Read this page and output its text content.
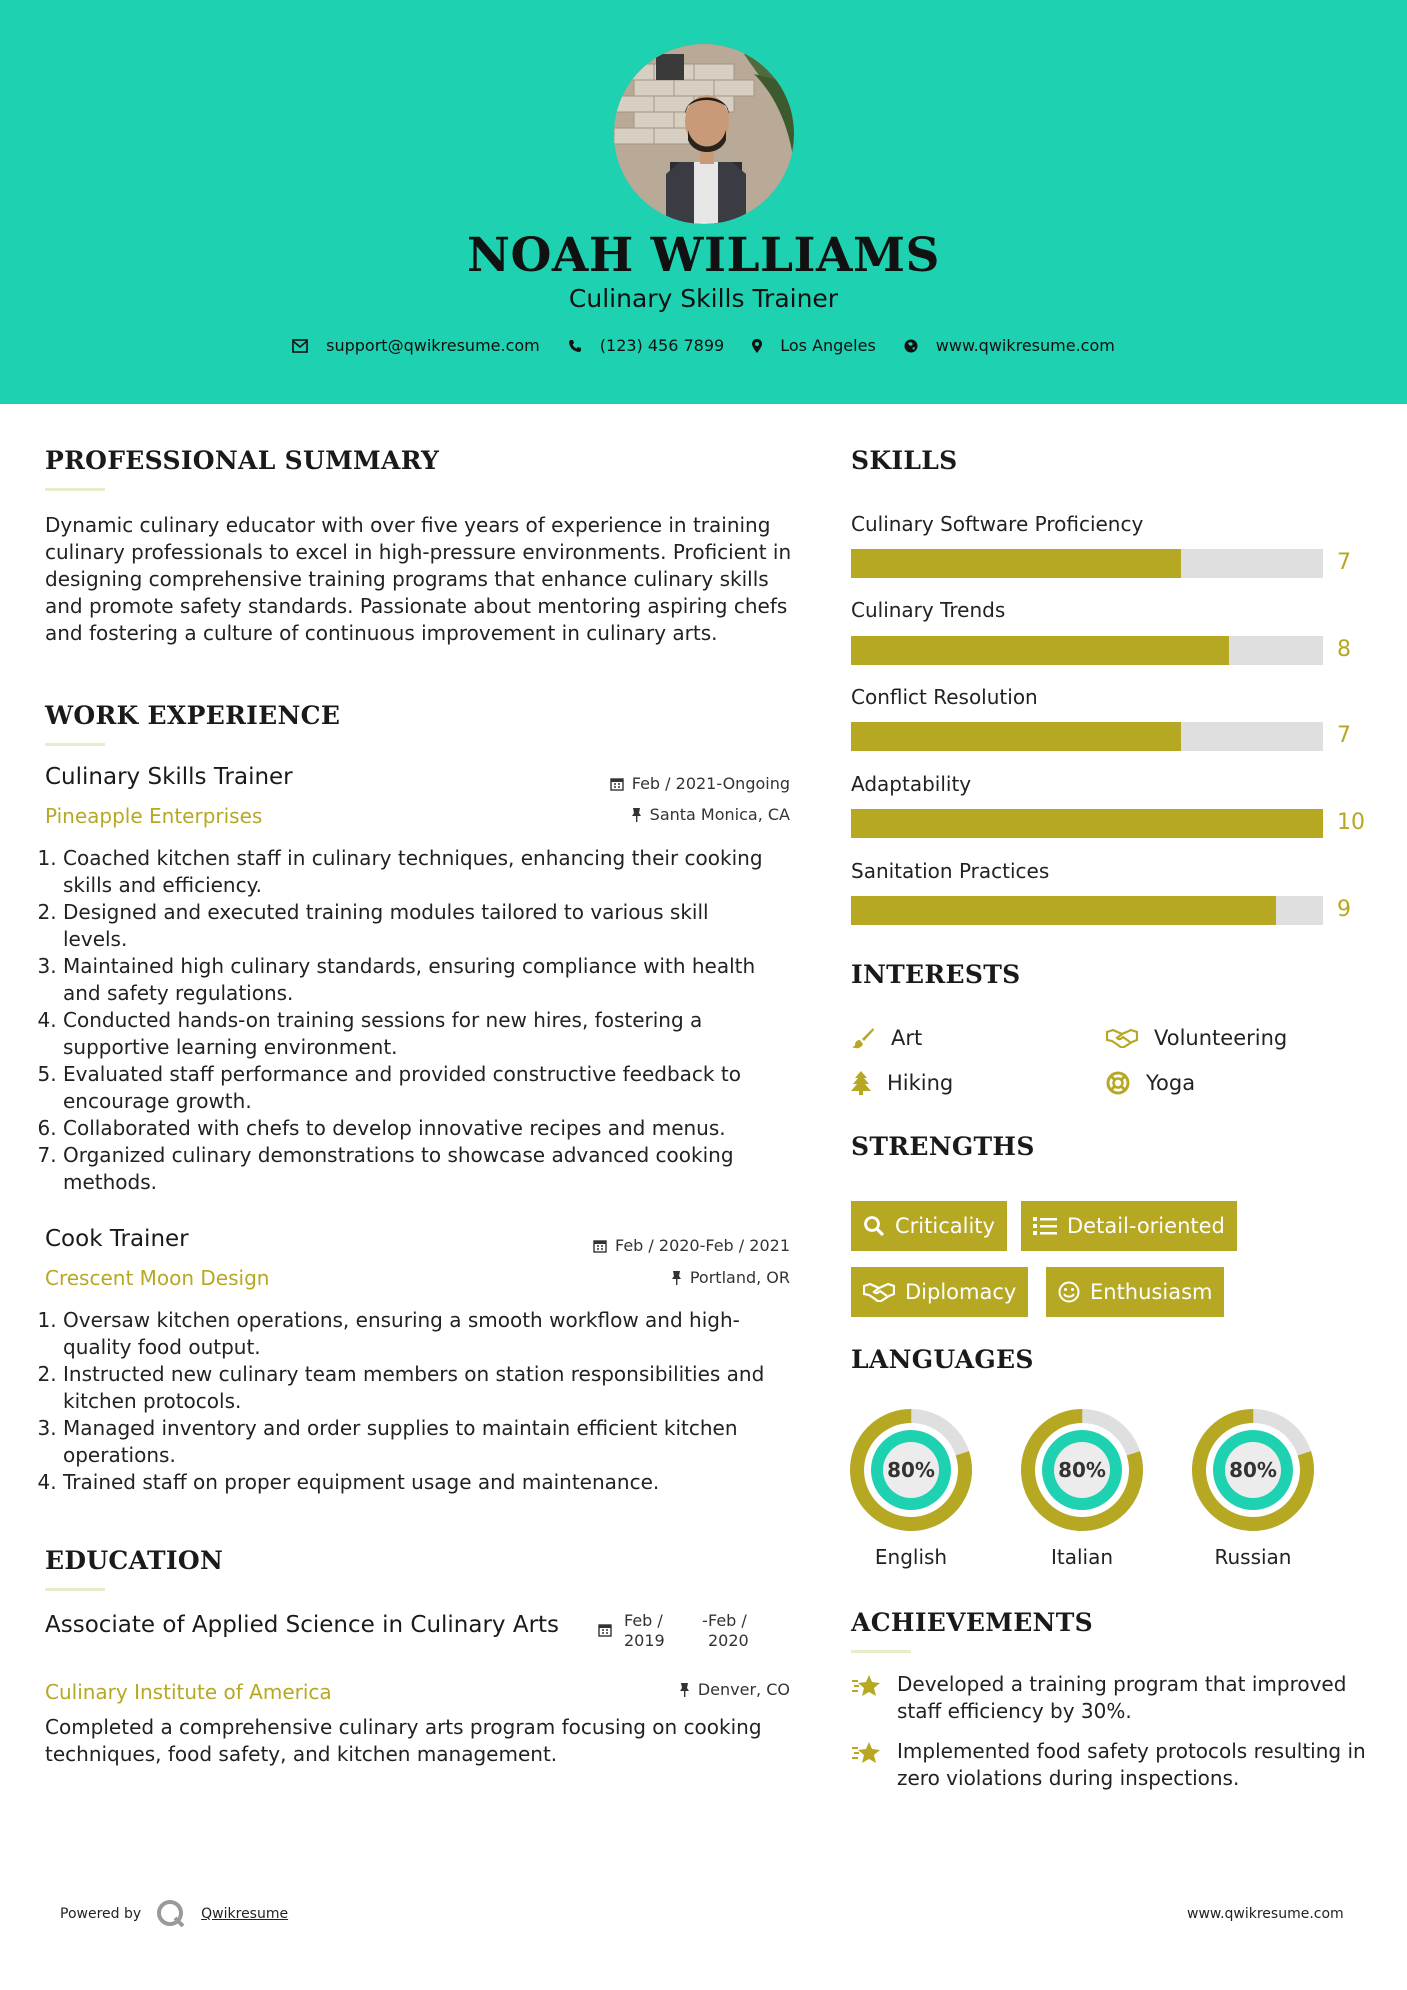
NOAH WILLIAMS
Culinary Skills Trainer
support@qwikresume.com	(123) 456 7899	Los Angeles	www.qwikresume.com
PROFESSIONAL SUMMARY
Dynamic culinary educator with over five years of experience in training culinary professionals to excel in high-pressure environments. Proficient in designing comprehensive training programs that enhance culinary skills and promote safety standards. Passionate about mentoring aspiring chefs and fostering a culture of continuous improvement in culinary arts.
WORK EXPERIENCE
Culinary Skills Trainer	Feb / 2021-Ongoing
Pineapple Enterprises	Santa Monica, CA
1. Coached kitchen staff in culinary techniques, enhancing their cooking skills and efficiency.
2. Designed and executed training modules tailored to various skill levels.
3. Maintained high culinary standards, ensuring compliance with health and safety regulations.
4. Conducted hands-on training sessions for new hires, fostering a supportive learning environment.
5. Evaluated staff performance and provided constructive feedback to encourage growth.
6. Collaborated with chefs to develop innovative recipes and menus.
7. Organized culinary demonstrations to showcase advanced cooking methods.
Cook Trainer	Feb / 2020-Feb / 2021
Crescent Moon Design	Portland, OR
1. Oversaw kitchen operations, ensuring a smooth workflow and high-quality food output.
2. Instructed new culinary team members on station responsibilities and kitchen protocols.
3. Managed inventory and order supplies to maintain efficient kitchen operations.
4. Trained staff on proper equipment usage and maintenance.
EDUCATION
Associate of Applied Science in Culinary Arts	Feb / 2019
- Feb / 2020
Culinary Institute of America	Denver, CO
Completed a comprehensive culinary arts program focusing on cooking techniques, food safety, and kitchen management.
SKILLS
Culinary Software Proficiency
7
Culinary Trends
8
Conflict Resolution
7
Adaptability
10
Sanitation Practices
9
INTERESTS
Art	Volunteering
Hiking	Yoga
STRENGTHS
Criticality	Detail-oriented
Diplomacy	Enthusiasm
LANGUAGES
80%
English
80%
Italian
80%
Russian
ACHIEVEMENTS
Developed a training program that improved staff efficiency by 30%.
Implemented food safety protocols resulting in zero violations during inspections.
Powered by	Qwikresume	www.qwikresume.com
